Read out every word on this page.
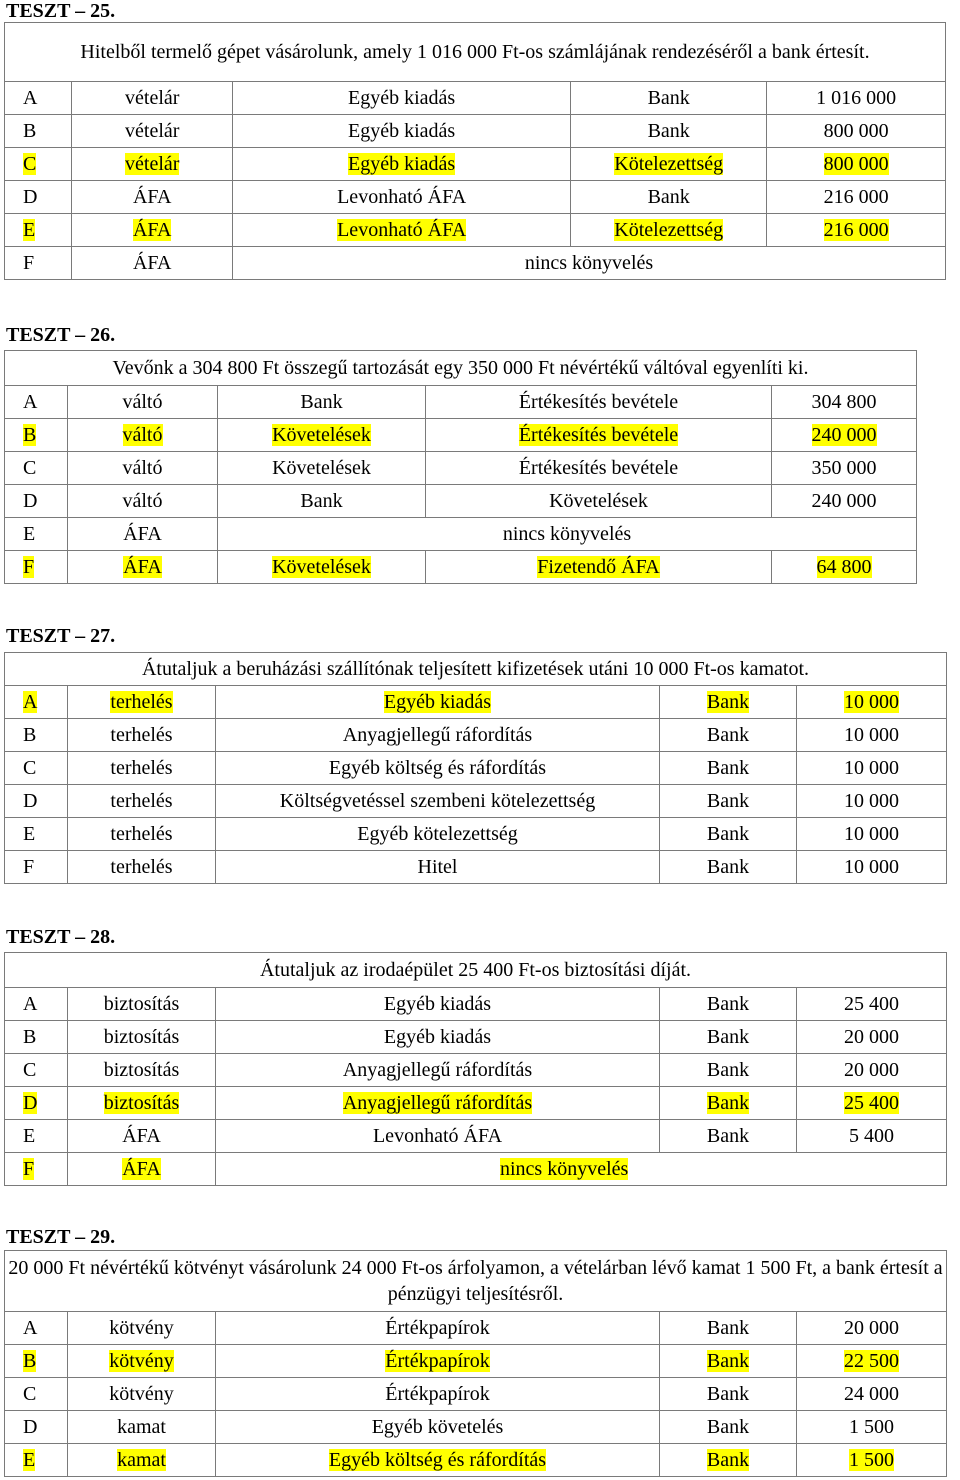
TESZT – 25.
Hitelből termelő gépet vásárolunk, amely 1 016 000 Ft-os számlájának rendezéséről a bank értesít.				
A	vételár	Egyéb kiadás	Bank	1 016 000
B	vételár	Egyéb kiadás	Bank	800 000
C	vételár	Egyéb kiadás	Kötelezettség	800 000
D	ÁFA	Levonható ÁFA	Bank	216 000
E	ÁFA	Levonható ÁFA	Kötelezettség	216 000
F	ÁFA	nincs könyvelés		
TESZT – 26.
Vevőnk a 304 800 Ft összegű tartozását egy 350 000 Ft névértékű váltóval egyenlíti ki.				
A	váltó	Bank	Értékesítés bevétele	304 800
B	váltó	Követelések	Értékesítés bevétele	240 000
C	váltó	Követelések	Értékesítés bevétele	350 000
D	váltó	Bank	Követelések	240 000
E	ÁFA	nincs könyvelés		
F	ÁFA	Követelések	Fizetendő ÁFA	64 800
TESZT – 27.
Átutaljuk a beruházási szállítónak teljesített kifizetések utáni 10 000 Ft-os kamatot.				
A	terhelés	Egyéb kiadás	Bank	10 000
B	terhelés	Anyagjellegű ráfordítás	Bank	10 000
C	terhelés	Egyéb költség és ráfordítás	Bank	10 000
D	terhelés	Költségvetéssel szembeni kötelezettség	Bank	10 000
E	terhelés	Egyéb kötelezettség	Bank	10 000
F	terhelés	Hitel	Bank	10 000
TESZT – 28.
Átutaljuk az irodaépület 25 400 Ft-os biztosítási díját.				
A	biztosítás	Egyéb kiadás	Bank	25 400
B	biztosítás	Egyéb kiadás	Bank	20 000
C	biztosítás	Anyagjellegű ráfordítás	Bank	20 000
D	biztosítás	Anyagjellegű ráfordítás	Bank	25 400
E	ÁFA	Levonható ÁFA	Bank	5 400
F	ÁFA	nincs könyvelés		
TESZT – 29.
20 000 Ft névértékű kötvényt vásárolunk 24 000 Ft-os árfolyamon, a vételárban lévő kamat 1 500 Ft, a bank értesít a pénzügyi teljesítésről.				
A	kötvény	Értékpapírok	Bank	20 000
B	kötvény	Értékpapírok	Bank	22 500
C	kötvény	Értékpapírok	Bank	24 000
D	kamat	Egyéb követelés	Bank	1 500
E	kamat	Egyéb költség és ráfordítás	Bank	1 500
